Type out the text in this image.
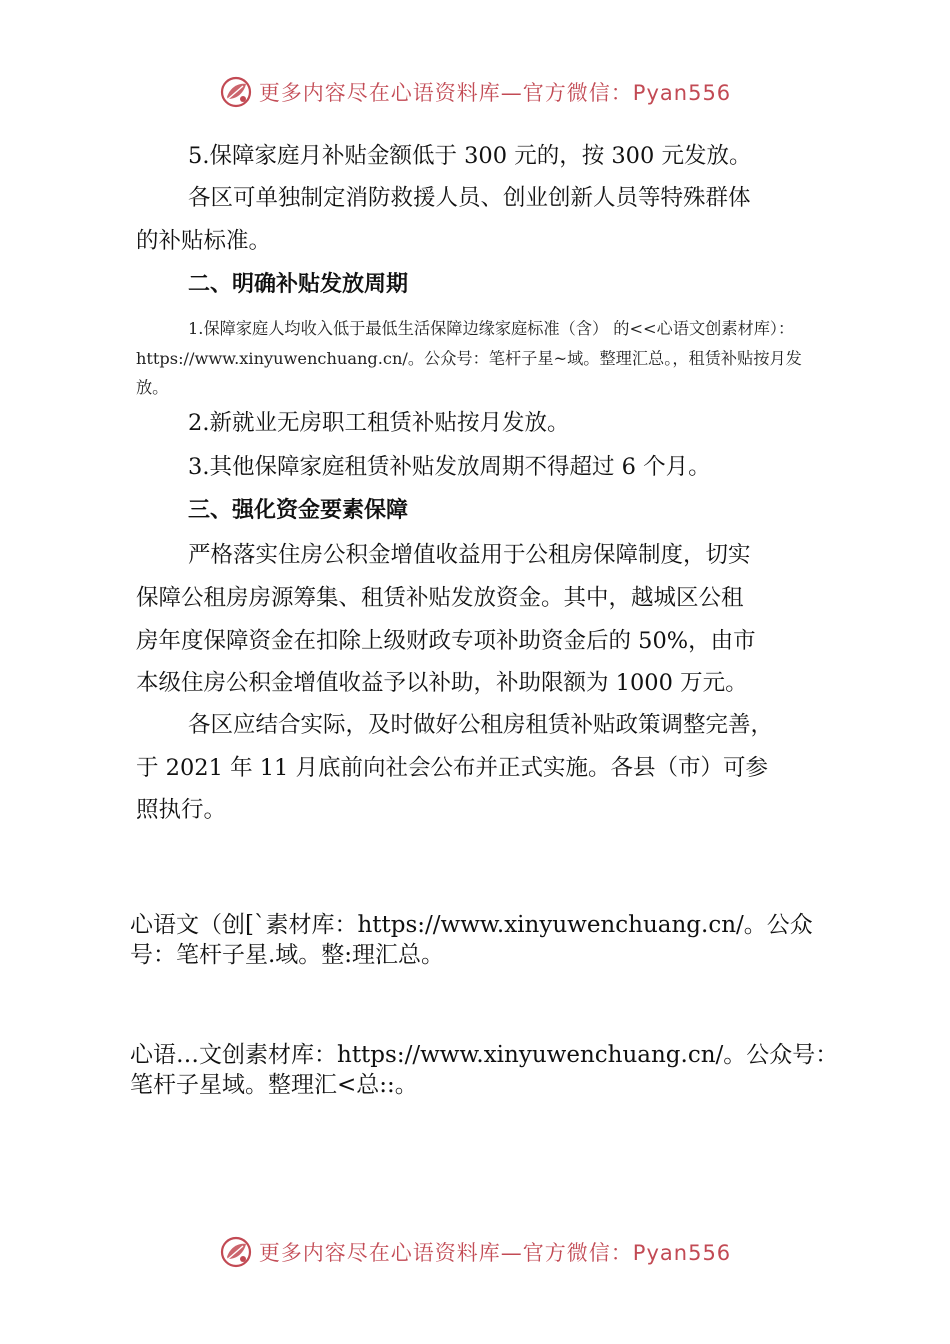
更多内容尽在心语资料库—官方微信：Pyan556
5.保障家庭月补贴金额低于 300 元的，按 300 元发放。
各区可单独制定消防救援人员、创业创新人员等特殊群体
的补贴标准。
二、明确补贴发放周期
1.保障家庭人均收入低于最低生活保障边缘家庭标准（含） 的<<心语文创素材库）：
https://www.xinyuwenchuang.cn/。公众号：笔杆子星~域。整理汇总。，租赁补贴按月发
放。
2.新就业无房职工租赁补贴按月发放。
3.其他保障家庭租赁补贴发放周期不得超过 6 个月。
三、强化资金要素保障
严格落实住房公积金增值收益用于公租房保障制度，切实
保障公租房房源筹集、租赁补贴发放资金。其中，越城区公租
房年度保障资金在扣除上级财政专项补助资金后的 50%，由市
本级住房公积金增值收益予以补助，补助限额为 1000 万元。
各区应结合实际，及时做好公租房租赁补贴政策调整完善，
于 2021 年 11 月底前向社会公布并正式实施。各县（市）可参
照执行。
心语文（创[`素材库：https://www.xinyuwenchuang.cn/。公众
号：笔杆子星.域。整:理汇总。
心语…文创素材库：https://www.xinyuwenchuang.cn/。公众号：
笔杆子星域。整理汇<总::。
更多内容尽在心语资料库—官方微信：Pyan556
